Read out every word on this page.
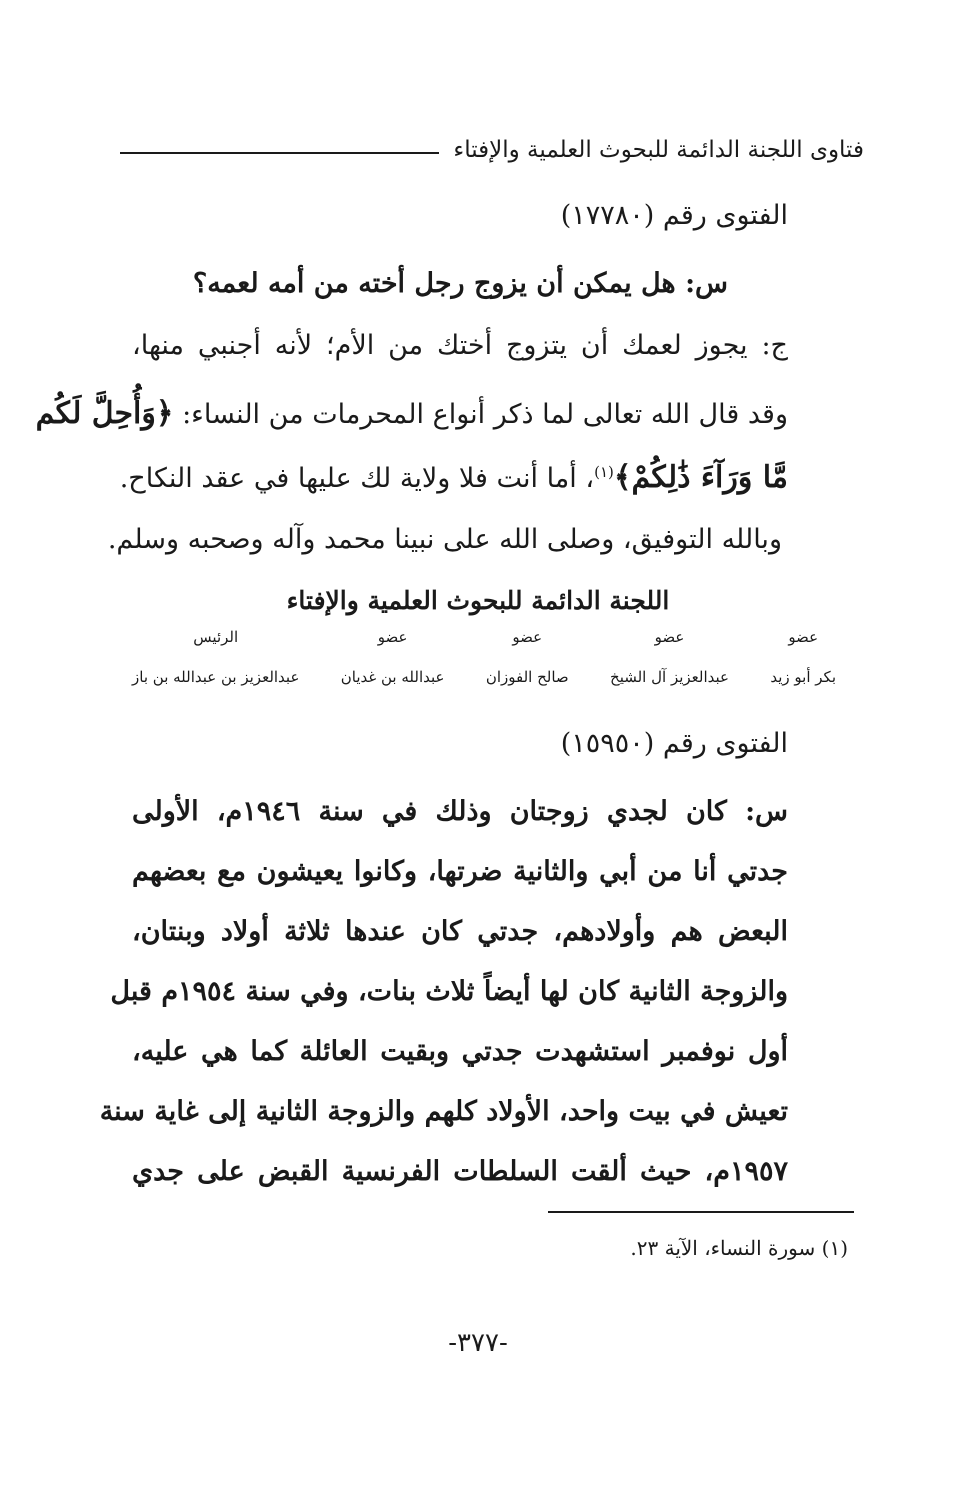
فتاوى اللجنة الدائمة للبحوث العلمية والإفتاء
الفتوى رقم (١٧٧٨٠)
س: هل يمكن أن يزوج رجل أخته من أمه لعمه؟
ج: يجوز لعمك أن يتزوج أختك من الأم؛ لأنه أجنبي منها،
وقد قال الله تعالى لما ذكر أنواع المحرمات من النساء: ﴿وَأُحِلَّ لَكُم
مَّا وَرَآءَ ذَٰلِكُمْ﴾$^{(١)}$، أما أنت فلا ولاية لك عليها في عقد النكاح.
وبالله التوفيق، وصلى الله على نبينا محمد وآله وصحبه وسلم.
اللجنة الدائمة للبحوث العلمية والإفتاء
عضو
بكر أبو زيد
عضو
عبدالعزيز آل الشيخ
عضو
صالح الفوزان
عضو
عبدالله بن غديان
الرئيس
عبدالعزيز بن عبدالله بن باز
الفتوى رقم (١٥٩٥٠)
س: كان لجدي زوجتان وذلك في سنة ١٩٤٦م، الأولى
جدتي أنا من أبي والثانية ضرتها، وكانوا يعيشون مع بعضهم
البعض هم وأولادهم، جدتي كان عندها ثلاثة أولاد وبنتان،
والزوجة الثانية كان لها أيضاً ثلاث بنات، وفي سنة ١٩٥٤م قبل
أول نوفمبر استشهدت جدتي وبقيت العائلة كما هي عليه،
تعيش في بيت واحد، الأولاد كلهم والزوجة الثانية إلى غاية سنة
١٩٥٧م، حيث ألقت السلطات الفرنسية القبض على جدي
(١) سورة النساء، الآية ٢٣.
-٣٧٧-
